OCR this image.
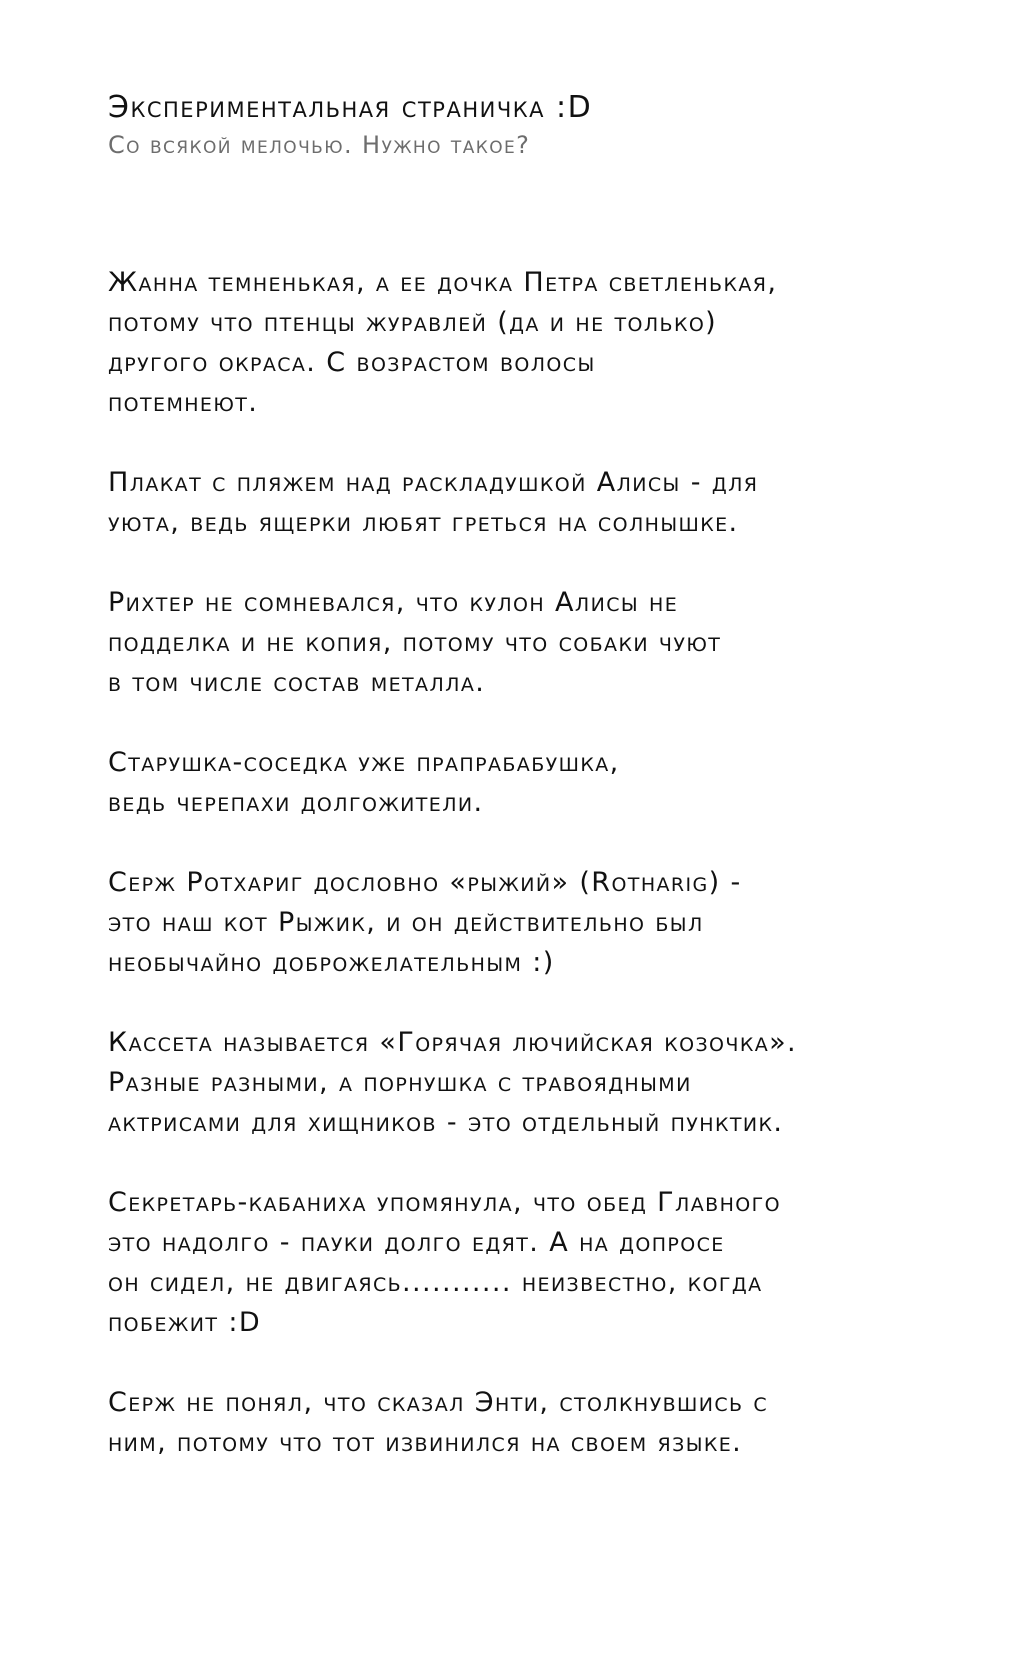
Экспериментальная страничка :D
Со всякой мелочью. Нужно такое?
Жанна темненькая, а ее дочка Петра светленькая,
потому что птенцы журавлей (да и не только)
другого окраса. С возрастом волосы
потемнеют.
Плакат с пляжем над раскладушкой Алисы - для
уюта, ведь ящерки любят греться на солнышке.
Рихтер не сомневался, что кулон Алисы не
подделка и не копия, потому что собаки чуют
в том числе состав металла.
Старушка-соседка уже прапрабабушка,
ведь черепахи долгожители.
Серж Ротхариг дословно «рыжий» (Rotharig) -
это наш кот Рыжик, и он действительно был
необычайно доброжелательным :)
Кассета называется «Горячая лючийская козочка».
Разные разными, а порнушка с травоядными
актрисами для хищников - это отдельный пунктик.
Секретарь-кабаниха упомянула, что обед Главного
это надолго - пауки долго едят. А на допросе
он сидел, не двигаясь........... неизвестно, когда
побежит :D
Серж не понял, что сказал Энти, столкнувшись с
ним, потому что тот извинился на своем языке.
